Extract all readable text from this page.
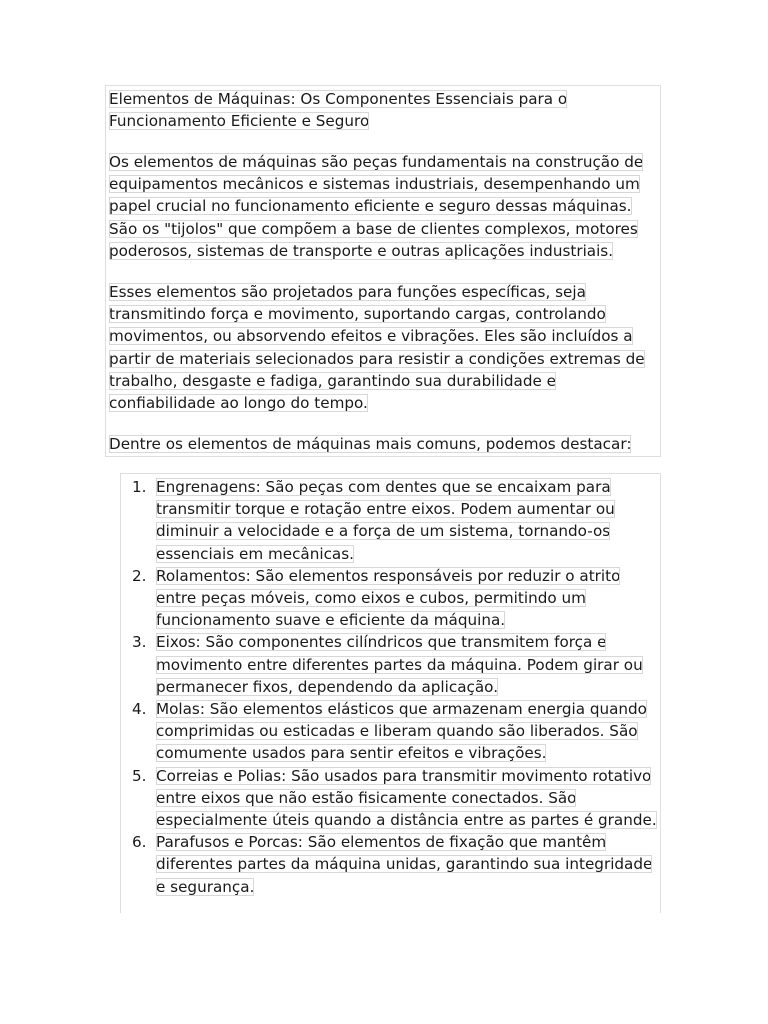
Elementos de Máquinas: Os Componentes Essenciais para o
Funcionamento Eficiente e Seguro
Os elementos de máquinas são peças fundamentais na construção de
equipamentos mecânicos e sistemas industriais, desempenhando um
papel crucial no funcionamento eficiente e seguro dessas máquinas.
São os "tijolos" que compõem a base de clientes complexos, motores
poderosos, sistemas de transporte e outras aplicações industriais.
Esses elementos são projetados para funções específicas, seja
transmitindo força e movimento, suportando cargas, controlando
movimentos, ou absorvendo efeitos e vibrações. Eles são incluídos a
partir de materiais selecionados para resistir a condições extremas de
trabalho, desgaste e fadiga, garantindo sua durabilidade e
confiabilidade ao longo do tempo.
Dentre os elementos de máquinas mais comuns, podemos destacar:
1. Engrenagens: São peças com dentes que se encaixam para
transmitir torque e rotação entre eixos. Podem aumentar ou
diminuir a velocidade e a força de um sistema, tornando-os
essenciais em mecânicas.
2. Rolamentos: São elementos responsáveis por reduzir o atrito
entre peças móveis, como eixos e cubos, permitindo um
funcionamento suave e eficiente da máquina.
3. Eixos: São componentes cilíndricos que transmitem força e
movimento entre diferentes partes da máquina. Podem girar ou
permanecer fixos, dependendo da aplicação.
4. Molas: São elementos elásticos que armazenam energia quando
comprimidas ou esticadas e liberam quando são liberados. São
comumente usados para sentir efeitos e vibrações.
5. Correias e Polias: São usados para transmitir movimento rotativo
entre eixos que não estão fisicamente conectados. São
especialmente úteis quando a distância entre as partes é grande.
6. Parafusos e Porcas: São elementos de fixação que mantêm
diferentes partes da máquina unidas, garantindo sua integridade
e segurança.
